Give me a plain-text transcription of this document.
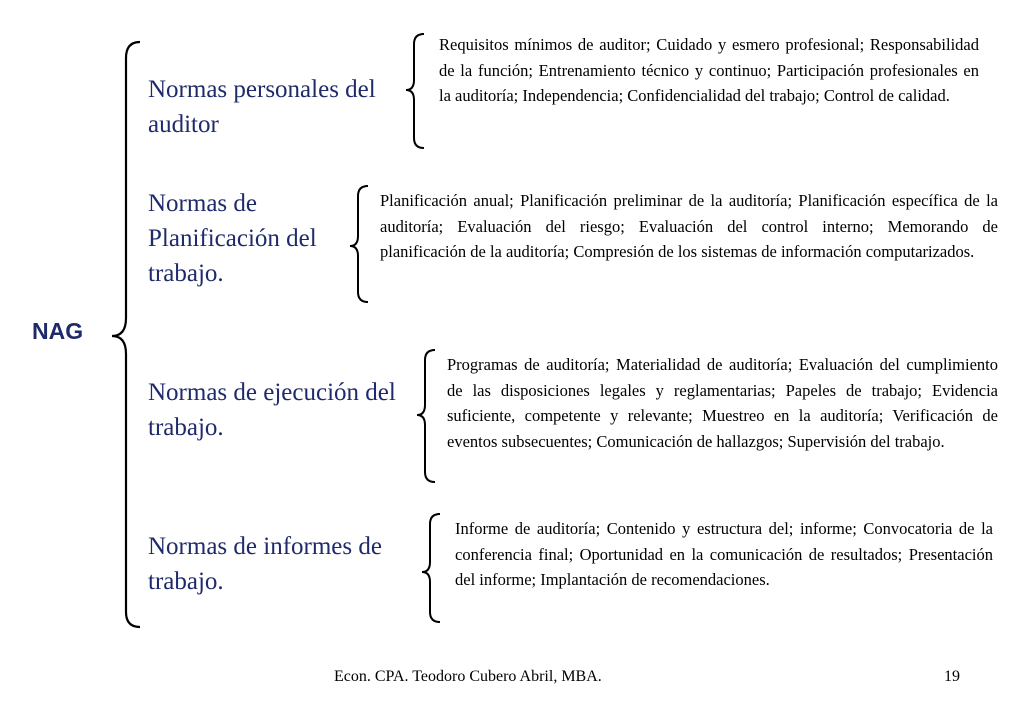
NAG
Normas personales del auditor
Normas de Planificación del trabajo.
Normas de ejecución del trabajo.
Normas de informes de trabajo.
Requisitos mínimos de auditor; Cuidado y esmero profesional; Responsabilidad de la función; Entrenamiento técnico y continuo; Participación profesionales en la auditoría; Independencia; Confidencialidad del trabajo; Control de calidad.
Planificación anual; Planificación preliminar de la auditoría; Planificación específica de la auditoría; Evaluación del riesgo; Evaluación del control interno; Memorando de planificación de la auditoría; Compresión de los sistemas de información computarizados.
Programas de auditoría; Materialidad de auditoría; Evaluación del cumplimiento de las disposiciones legales y reglamentarias; Papeles de trabajo; Evidencia suficiente, competente y relevante; Muestreo en la auditoría; Verificación de eventos subsecuentes; Comunicación de hallazgos; Supervisión del trabajo.
Informe de auditoría; Contenido y estructura del; informe; Convocatoria de la conferencia final; Oportunidad en la comunicación de resultados; Presentación del informe; Implantación de recomendaciones.
Econ. CPA. Teodoro Cubero Abril, MBA.	19
